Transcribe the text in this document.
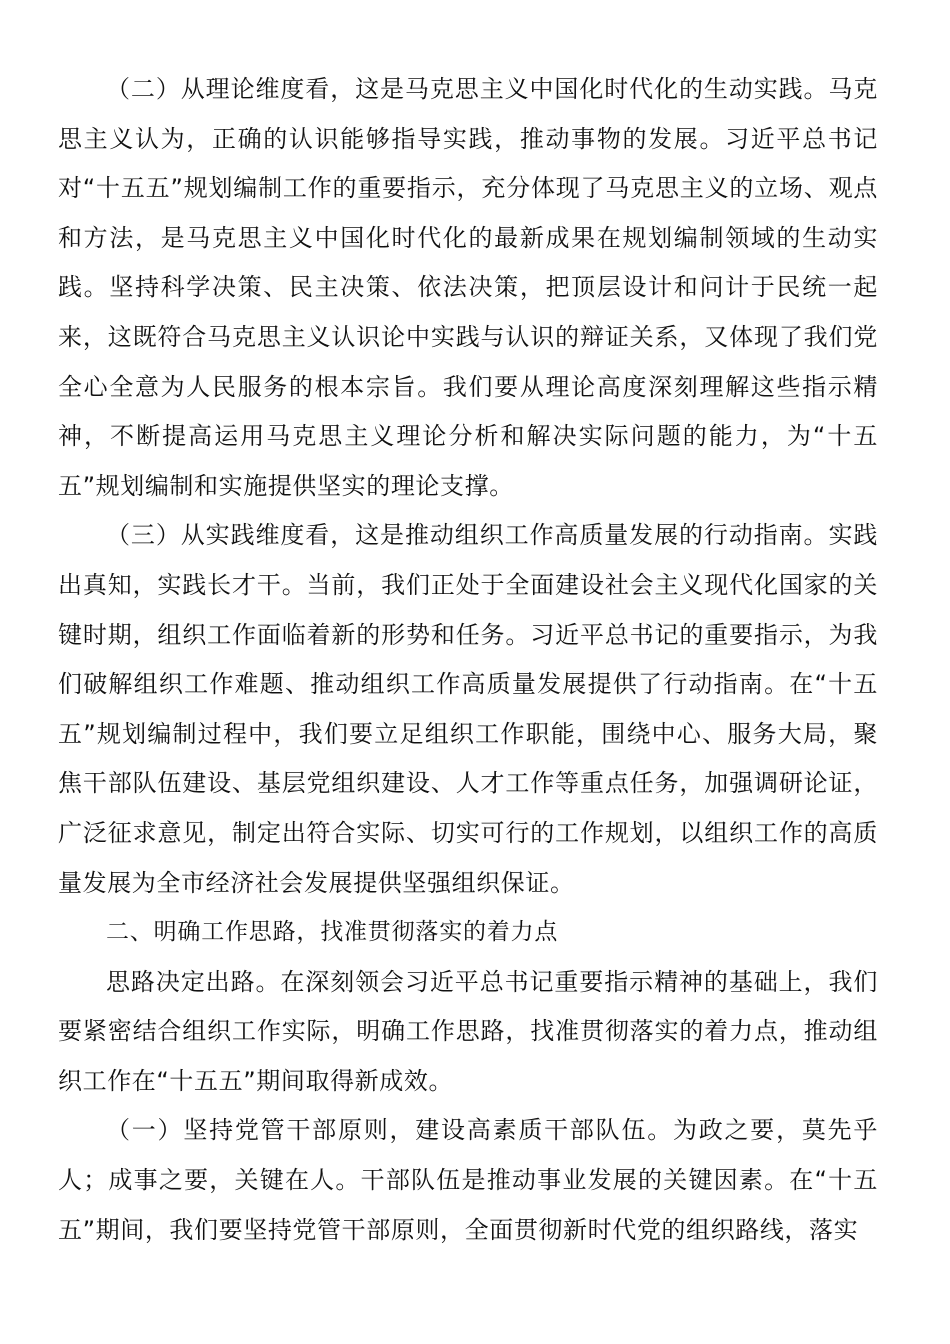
（二）从理论维度看，这是马克思主义中国化时代化的生动实践。马克思主义认为，正确的认识能够指导实践，推动事物的发展。习近平总书记对“十五五”规划编制工作的重要指示，充分体现了马克思主义的立场、观点和方法，是马克思主义中国化时代化的最新成果在规划编制领域的生动实践。坚持科学决策、民主决策、依法决策，把顶层设计和问计于民统一起来，这既符合马克思主义认识论中实践与认识的辩证关系，又体现了我们党全心全意为人民服务的根本宗旨。我们要从理论高度深刻理解这些指示精神，不断提高运用马克思主义理论分析和解决实际问题的能力，为“十五五”规划编制和实施提供坚实的理论支撑。

（三）从实践维度看，这是推动组织工作高质量发展的行动指南。实践出真知，实践长才干。当前，我们正处于全面建设社会主义现代化国家的关键时期，组织工作面临着新的形势和任务。习近平总书记的重要指示，为我们破解组织工作难题、推动组织工作高质量发展提供了行动指南。在“十五五”规划编制过程中，我们要立足组织工作职能，围绕中心、服务大局，聚焦干部队伍建设、基层党组织建设、人才工作等重点任务，加强调研论证，广泛征求意见，制定出符合实际、切实可行的工作规划，以组织工作的高质量发展为全市经济社会发展提供坚强组织保证。

二、明确工作思路，找准贯彻落实的着力点

思路决定出路。在深刻领会习近平总书记重要指示精神的基础上，我们要紧密结合组织工作实际，明确工作思路，找准贯彻落实的着力点，推动组织工作在“十五五”期间取得新成效。

（一）坚持党管干部原则，建设高素质干部队伍。为政之要，莫先乎人；成事之要，关键在人。干部队伍是推动事业发展的关键因素。在“十五五”期间，我们要坚持党管干部原则，全面贯彻新时代党的组织路线，落实
